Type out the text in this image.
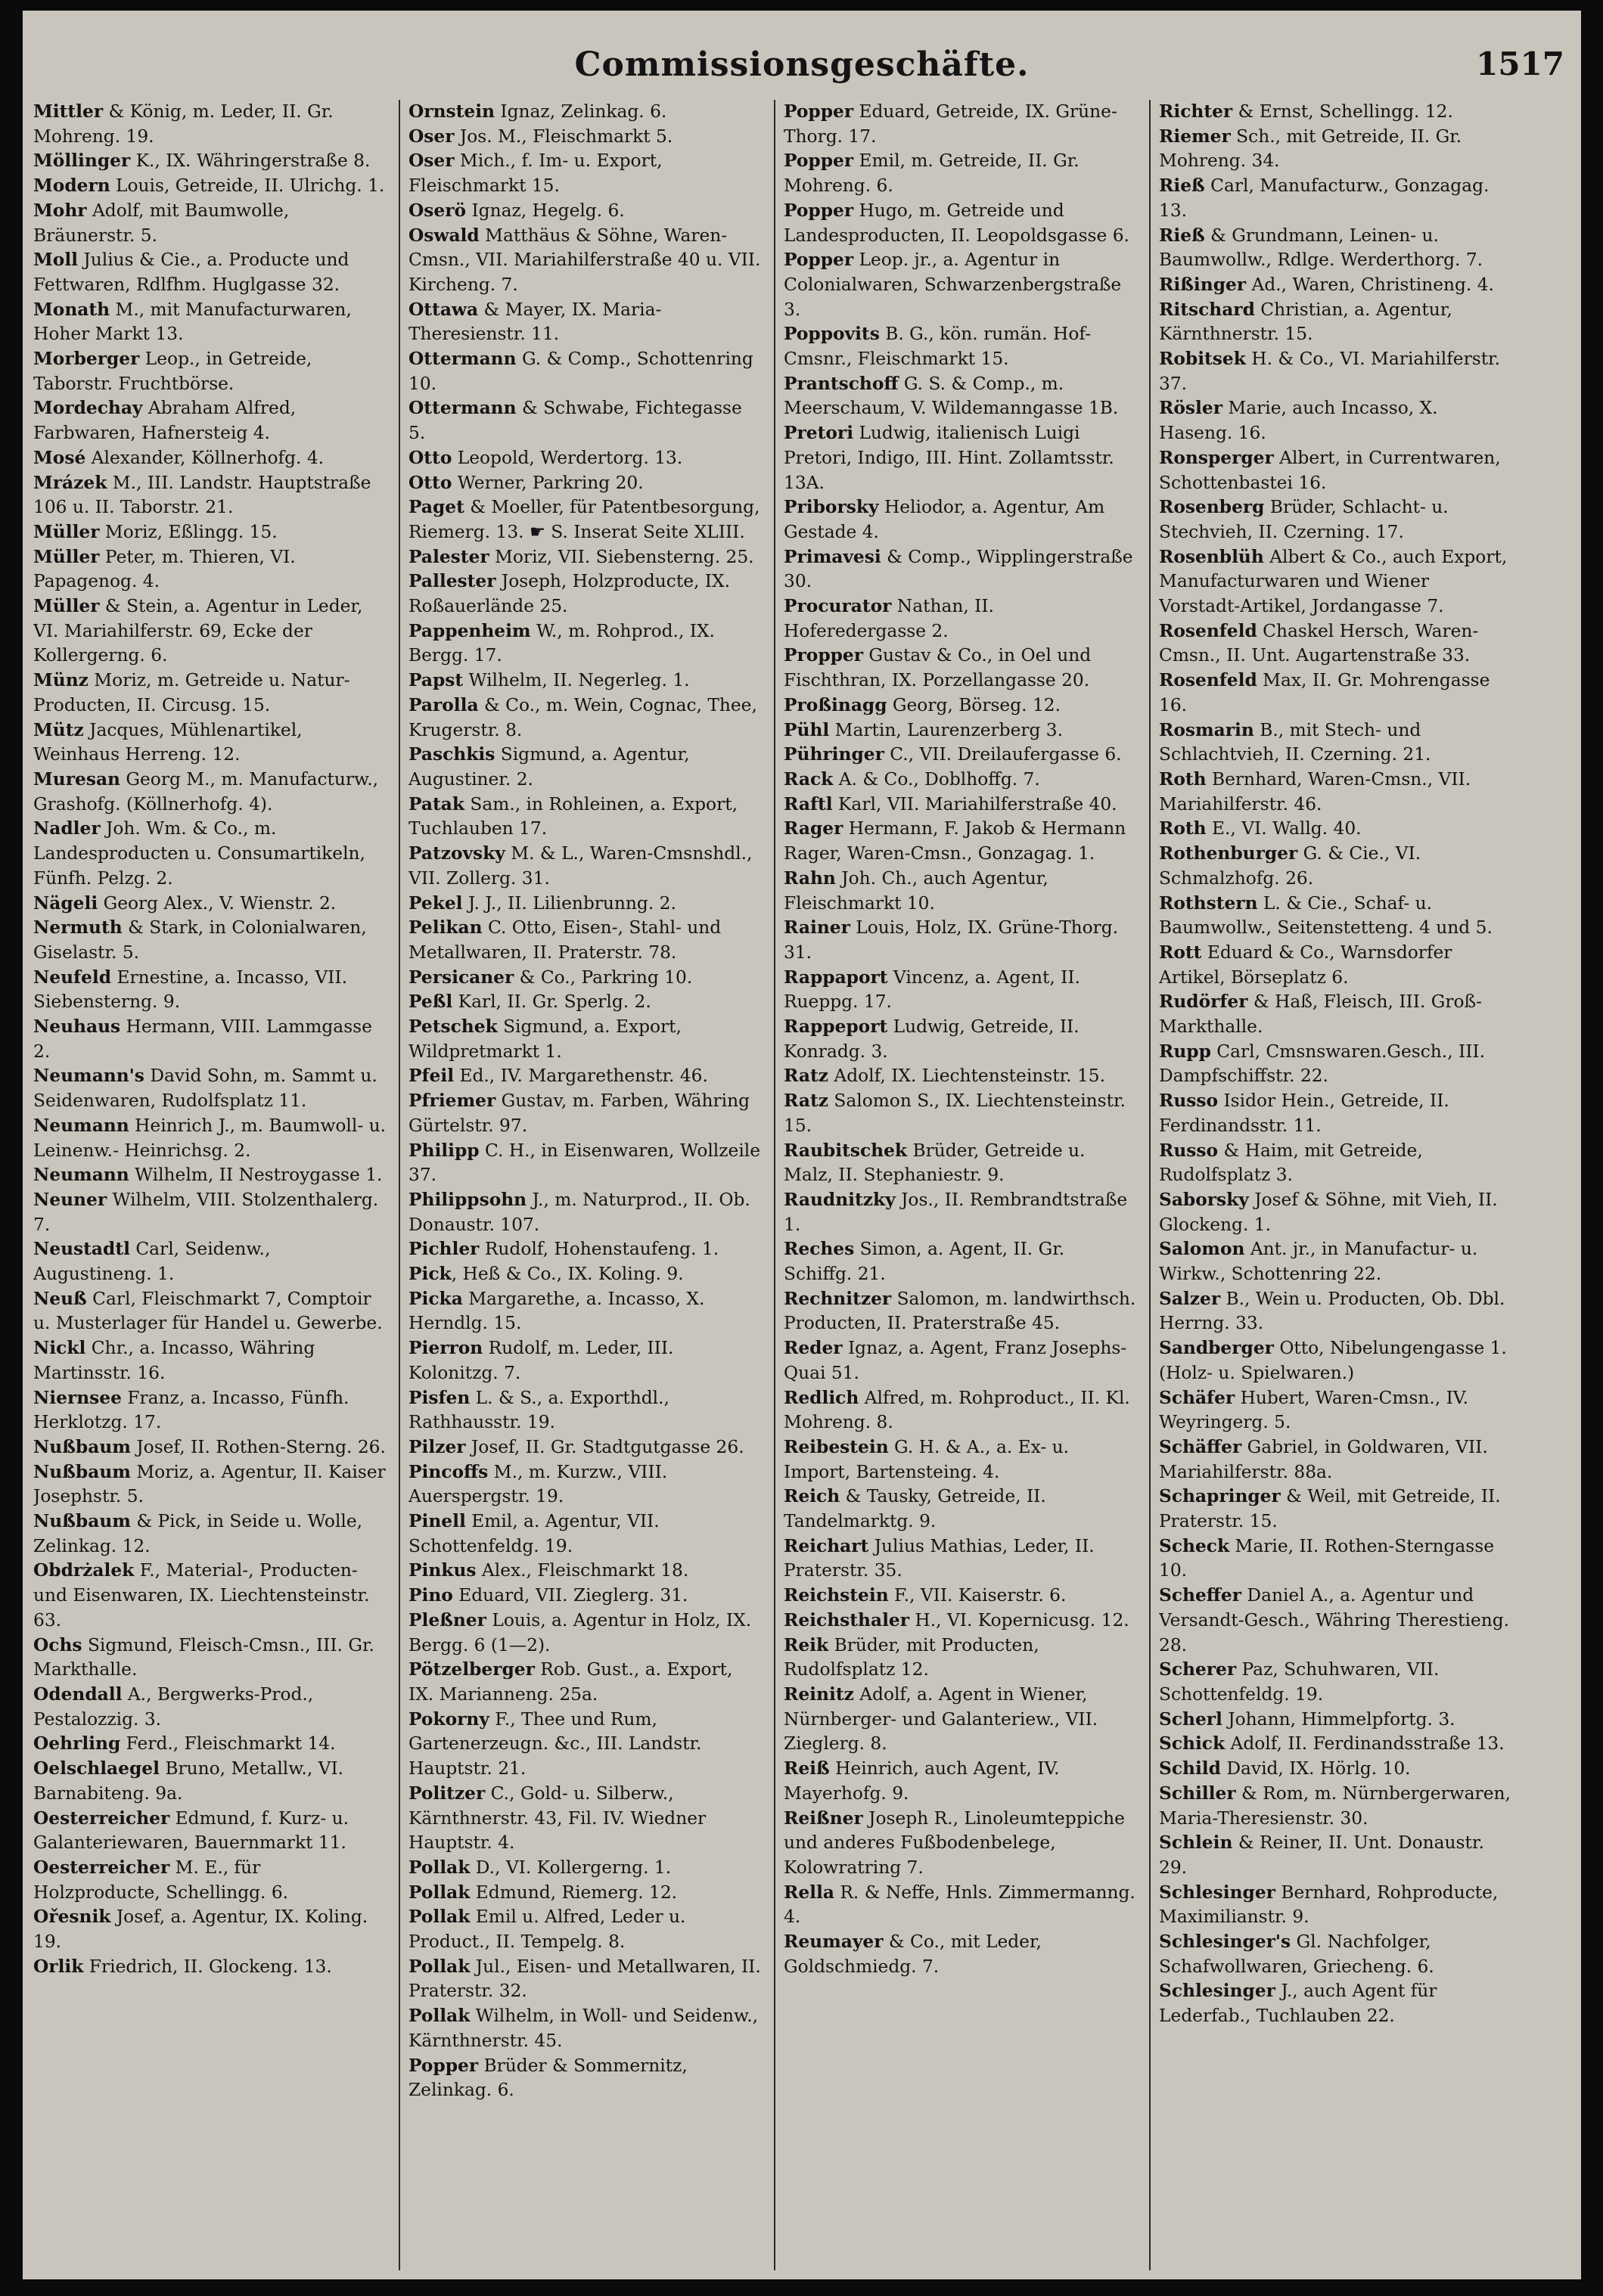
Commissionsgeschäfte.	1517

Mittler & König, m. Leder, II. Gr. Mohreng. 19.

Möllinger K., IX. Währingerstraße 8.

Modern Louis, Getreide, II. Ulrichg. 1.

Mohr Adolf, mit Baumwolle, Bräunerstr. 5.

Moll Julius & Cie., a. Producte und Fettwaren, Rdlfhm. Huglgasse 32.

Monath M., mit Manufacturwaren, Hoher Markt 13.

Morberger Leop., in Getreide, Taborstr. Fruchtbörse.

Mordechay Abraham Alfred, Farbwaren, Hafnersteig 4.

Mosé Alexander, Köllnerhofg. 4.

Mrázek M., III. Landstr. Hauptstraße 106 u. II. Taborstr. 21.

Müller Moriz, Eßlingg. 15.

Müller Peter, m. Thieren, VI. Papagenog. 4.

Müller & Stein, a. Agentur in Leder, VI. Mariahilferstr. 69, Ecke der Kollergerng. 6.

Münz Moriz, m. Getreide u. Natur-Producten, II. Circusg. 15.

Mütz Jacques, Mühlenartikel, Weinhaus Herreng. 12.

Muresan Georg M., m. Manufacturw., Grashofg. (Köllnerhofg. 4).

Nadler Joh. Wm. & Co., m. Landesproducten u. Consumartikeln, Fünfh. Pelzg. 2.

Nägeli Georg Alex., V. Wienstr. 2.

Nermuth & Stark, in Colonialwaren, Giselastr. 5.

Neufeld Ernestine, a. Incasso, VII. Siebensterng. 9.

Neuhaus Hermann, VIII. Lammgasse 2.

Neumann's David Sohn, m. Sammt u. Seidenwaren, Rudolfsplatz 11.

Neumann Heinrich J., m. Baumwoll- u. Leinenw.- Heinrichsg. 2.

Neumann Wilhelm, II Nestroygasse 1.

Neuner Wilhelm, VIII. Stolzenthalerg. 7.

Neustadtl Carl, Seidenw., Augustineng. 1.

Neuß Carl, Fleischmarkt 7, Comptoir u. Musterlager für Handel u. Gewerbe.

Nickl Chr., a. Incasso, Währing Martinsstr. 16.

Niernsee Franz, a. Incasso, Fünfh. Herklotzg. 17.

Nußbaum Josef, II. Rothen-Sterng. 26.

Nußbaum Moriz, a. Agentur, II. Kaiser Josephstr. 5.

Nußbaum & Pick, in Seide u. Wolle, Zelinkag. 12.

Obdrżalek F., Material-, Producten- und Eisenwaren, IX. Liechtensteinstr. 63.

Ochs Sigmund, Fleisch-Cmsn., III. Gr. Markthalle.

Odendall A., Bergwerks-Prod., Pestalozzig. 3.

Oehrling Ferd., Fleischmarkt 14.

Oelschlaegel Bruno, Metallw., VI. Barnabiteng. 9a.

Oesterreicher Edmund, f. Kurz- u. Galanteriewaren, Bauernmarkt 11.

Oesterreicher M. E., für Holzproducte, Schellingg. 6.

Ořesnik Josef, a. Agentur, IX. Koling. 19.

Orlik Friedrich, II. Glockeng. 13.

Ornstein Ignaz, Zelinkag. 6.

Oser Jos. M., Fleischmarkt 5.

Oser Mich., f. Im- u. Export, Fleischmarkt 15.

Oserö Ignaz, Hegelg. 6.

Oswald Matthäus & Söhne, Waren-Cmsn., VII. Mariahilferstraße 40 u. VII. Kircheng. 7.

Ottawa & Mayer, IX. Maria-Theresienstr. 11.

Ottermann G. & Comp., Schottenring 10.

Ottermann & Schwabe, Fichtegasse 5.

Otto Leopold, Werdertorg. 13.

Otto Werner, Parkring 20.

Paget & Moeller, für Patentbesorgung, Riemerg. 13. ☛ S. Inserat Seite XLIII.

Palester Moriz, VII. Siebensterng. 25.

Pallester Joseph, Holzproducte, IX. Roßauerlände 25.

Pappenheim W., m. Rohprod., IX. Bergg. 17.

Papst Wilhelm, II. Negerleg. 1.

Parolla & Co., m. Wein, Cognac, Thee, Krugerstr. 8.

Paschkis Sigmund, a. Agentur, Augustiner. 2.

Patak Sam., in Rohleinen, a. Export, Tuchlauben 17.

Patzovsky M. & L., Waren-Cmsnshdl., VII. Zollerg. 31.

Pekel J. J., II. Lilienbrunng. 2.

Pelikan C. Otto, Eisen-, Stahl- und Metallwaren, II. Praterstr. 78.

Persicaner & Co., Parkring 10.

Peßl Karl, II. Gr. Sperlg. 2.

Petschek Sigmund, a. Export, Wildpretmarkt 1.

Pfeil Ed., IV. Margarethenstr. 46.

Pfriemer Gustav, m. Farben, Währing Gürtelstr. 97.

Philipp C. H., in Eisenwaren, Wollzeile 37.

Philippsohn J., m. Naturprod., II. Ob. Donaustr. 107.

Pichler Rudolf, Hohenstaufeng. 1.

Pick, Heß & Co., IX. Koling. 9.

Picka Margarethe, a. Incasso, X. Herndlg. 15.

Pierron Rudolf, m. Leder, III. Kolonitzg. 7.

Pisfen L. & S., a. Exporthdl., Rathhausstr. 19.

Pilzer Josef, II. Gr. Stadtgutgasse 26.

Pincoffs M., m. Kurzw., VIII. Auerspergstr. 19.

Pinell Emil, a. Agentur, VII. Schottenfeldg. 19.

Pinkus Alex., Fleischmarkt 18.

Pino Eduard, VII. Zieglerg. 31.

Pleßner Louis, a. Agentur in Holz, IX. Bergg. 6 (1—2).

Pötzelberger Rob. Gust., a. Export, IX. Marianneng. 25a.

Pokorny F., Thee und Rum, Gartenerzeugn. &c., III. Landstr. Hauptstr. 21.

Politzer C., Gold- u. Silberw., Kärnthnerstr. 43, Fil. IV. Wiedner Hauptstr. 4.

Pollak D., VI. Kollergerng. 1.

Pollak Edmund, Riemerg. 12.

Pollak Emil u. Alfred, Leder u. Product., II. Tempelg. 8.

Pollak Jul., Eisen- und Metallwaren, II. Praterstr. 32.

Pollak Wilhelm, in Woll- und Seidenw., Kärnthnerstr. 45.

Popper Brüder & Sommernitz, Zelinkag. 6.

Popper Eduard, Getreide, IX. Grüne-Thorg. 17.

Popper Emil, m. Getreide, II. Gr. Mohreng. 6.

Popper Hugo, m. Getreide und Landesproducten, II. Leopoldsgasse 6.

Popper Leop. jr., a. Agentur in Colonialwaren, Schwarzenbergstraße 3.

Poppovits B. G., kön. rumän. Hof-Cmsnr., Fleischmarkt 15.

Prantschoff G. S. & Comp., m. Meerschaum, V. Wildemanngasse 1B.

Pretori Ludwig, italienisch Luigi Pretori, Indigo, III. Hint. Zollamtsstr. 13A.

Priborsky Heliodor, a. Agentur, Am Gestade 4.

Primavesi & Comp., Wipplingerstraße 30.

Procurator Nathan, II. Hoferedergasse 2.

Propper Gustav & Co., in Oel und Fischthran, IX. Porzellangasse 20.

Proßinagg Georg, Börseg. 12.

Pühl Martin, Laurenzerberg 3.

Pühringer C., VII. Dreilaufergasse 6.

Rack A. & Co., Doblhoffg. 7.

Raftl Karl, VII. Mariahilferstraße 40.

Rager Hermann, F. Jakob & Hermann Rager, Waren-Cmsn., Gonzagag. 1.

Rahn Joh. Ch., auch Agentur, Fleischmarkt 10.

Rainer Louis, Holz, IX. Grüne-Thorg. 31.

Rappaport Vincenz, a. Agent, II. Rueppg. 17.

Rappeport Ludwig, Getreide, II. Konradg. 3.

Ratz Adolf, IX. Liechtensteinstr. 15.

Ratz Salomon S., IX. Liechtensteinstr. 15.

Raubitschek Brüder, Getreide u. Malz, II. Stephaniestr. 9.

Raudnitzky Jos., II. Rembrandtstraße 1.

Reches Simon, a. Agent, II. Gr. Schiffg. 21.

Rechnitzer Salomon, m. landwirthsch. Producten, II. Praterstraße 45.

Reder Ignaz, a. Agent, Franz Josephs-Quai 51.

Redlich Alfred, m. Rohproduct., II. Kl. Mohreng. 8.

Reibestein G. H. & A., a. Ex- u. Import, Bartensteing. 4.

Reich & Tausky, Getreide, II. Tandelmarktg. 9.

Reichart Julius Mathias, Leder, II. Praterstr. 35.

Reichstein F., VII. Kaiserstr. 6.

Reichsthaler H., VI. Kopernicusg. 12.

Reik Brüder, mit Producten, Rudolfsplatz 12.

Reinitz Adolf, a. Agent in Wiener, Nürnberger- und Galanteriew., VII. Zieglerg. 8.

Reiß Heinrich, auch Agent, IV. Mayerhofg. 9.

Reißner Joseph R., Linoleumteppiche und anderes Fußbodenbelege, Kolowratring 7.

Rella R. & Neffe, Hnls. Zimmermanng. 4.

Reumayer & Co., mit Leder, Goldschmiedg. 7.

Richter & Ernst, Schellingg. 12.

Riemer Sch., mit Getreide, II. Gr. Mohreng. 34.

Rieß Carl, Manufacturw., Gonzagag. 13.

Rieß & Grundmann, Leinen- u. Baumwollw., Rdlge. Werderthorg. 7.

Rißinger Ad., Waren, Christineng. 4.

Ritschard Christian, a. Agentur, Kärnthnerstr. 15.

Robitsek H. & Co., VI. Mariahilferstr. 37.

Rösler Marie, auch Incasso, X. Haseng. 16.

Ronsperger Albert, in Currentwaren, Schottenbastei 16.

Rosenberg Brüder, Schlacht- u. Stechvieh, II. Czerning. 17.

Rosenblüh Albert & Co., auch Export, Manufacturwaren und Wiener Vorstadt-Artikel, Jordangasse 7.

Rosenfeld Chaskel Hersch, Waren-Cmsn., II. Unt. Augartenstraße 33.

Rosenfeld Max, II. Gr. Mohrengasse 16.

Rosmarin B., mit Stech- und Schlachtvieh, II. Czerning. 21.

Roth Bernhard, Waren-Cmsn., VII. Mariahilferstr. 46.

Roth E., VI. Wallg. 40.

Rothenburger G. & Cie., VI. Schmalzhofg. 26.

Rothstern L. & Cie., Schaf- u. Baumwollw., Seitenstetteng. 4 und 5.

Rott Eduard & Co., Warnsdorfer Artikel, Börseplatz 6.

Rudörfer & Haß, Fleisch, III. Groß-Markthalle.

Rupp Carl, Cmsnswaren.Gesch., III. Dampfschiffstr. 22.

Russo Isidor Hein., Getreide, II. Ferdinandsstr. 11.

Russo & Haim, mit Getreide, Rudolfsplatz 3.

Saborsky Josef & Söhne, mit Vieh, II. Glockeng. 1.

Salomon Ant. jr., in Manufactur- u. Wirkw., Schottenring 22.

Salzer B., Wein u. Producten, Ob. Dbl. Herrng. 33.

Sandberger Otto, Nibelungengasse 1. (Holz- u. Spielwaren.)

Schäfer Hubert, Waren-Cmsn., IV. Weyringerg. 5.

Schäffer Gabriel, in Goldwaren, VII. Mariahilferstr. 88a.

Schapringer & Weil, mit Getreide, II. Praterstr. 15.

Scheck Marie, II. Rothen-Sterngasse 10.

Scheffer Daniel A., a. Agentur und Versandt-Gesch., Währing Therestieng. 28.

Scherer Paz, Schuhwaren, VII. Schottenfeldg. 19.

Scherl Johann, Himmelpfortg. 3.

Schick Adolf, II. Ferdinandsstraße 13.

Schild David, IX. Hörlg. 10.

Schiller & Rom, m. Nürnbergerwaren, Maria-Theresienstr. 30.

Schlein & Reiner, II. Unt. Donaustr. 29.

Schlesinger Bernhard, Rohproducte, Maximilianstr. 9.

Schlesinger's Gl. Nachfolger, Schafwollwaren, Griecheng. 6.

Schlesinger J., auch Agent für Lederfab., Tuchlauben 22.
